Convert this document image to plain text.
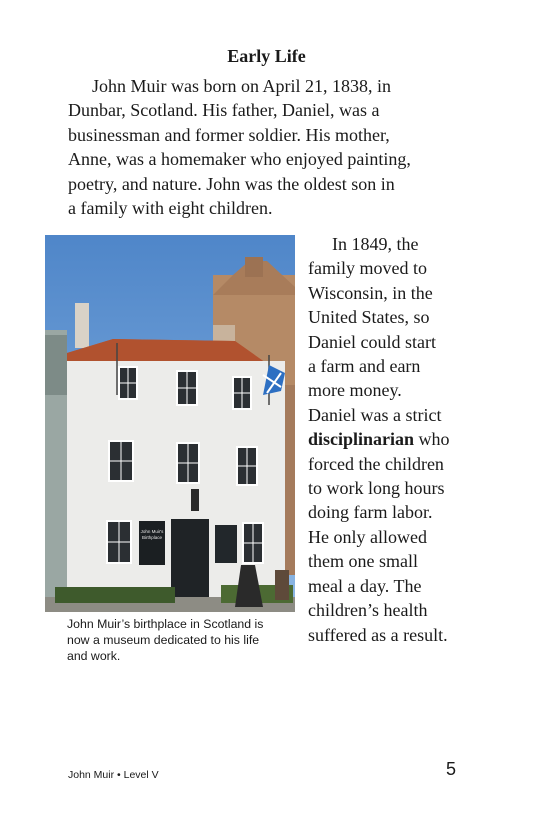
Early Life

John Muir was born on April 21, 1838, in
Dunbar, Scotland. His father, Daniel, was a
businessman and former soldier. His mother,
Anne, was a homemaker who enjoyed painting,
poetry, and nature. John was the oldest son in
a family with eight children.

John Muir's
Birthplace
John Muir’s birthplace in Scotland is
now a museum dedicated to his life
and work.

In 1849, the
family moved to
Wisconsin, in the
United States, so
Daniel could start
a farm and earn
more money.
Daniel was a strict
disciplinarian who
forced the children
to work long hours
doing farm labor.
He only allowed
them one small
meal a day. The
children’s health
suffered as a result.

John Muir • Level V	5
